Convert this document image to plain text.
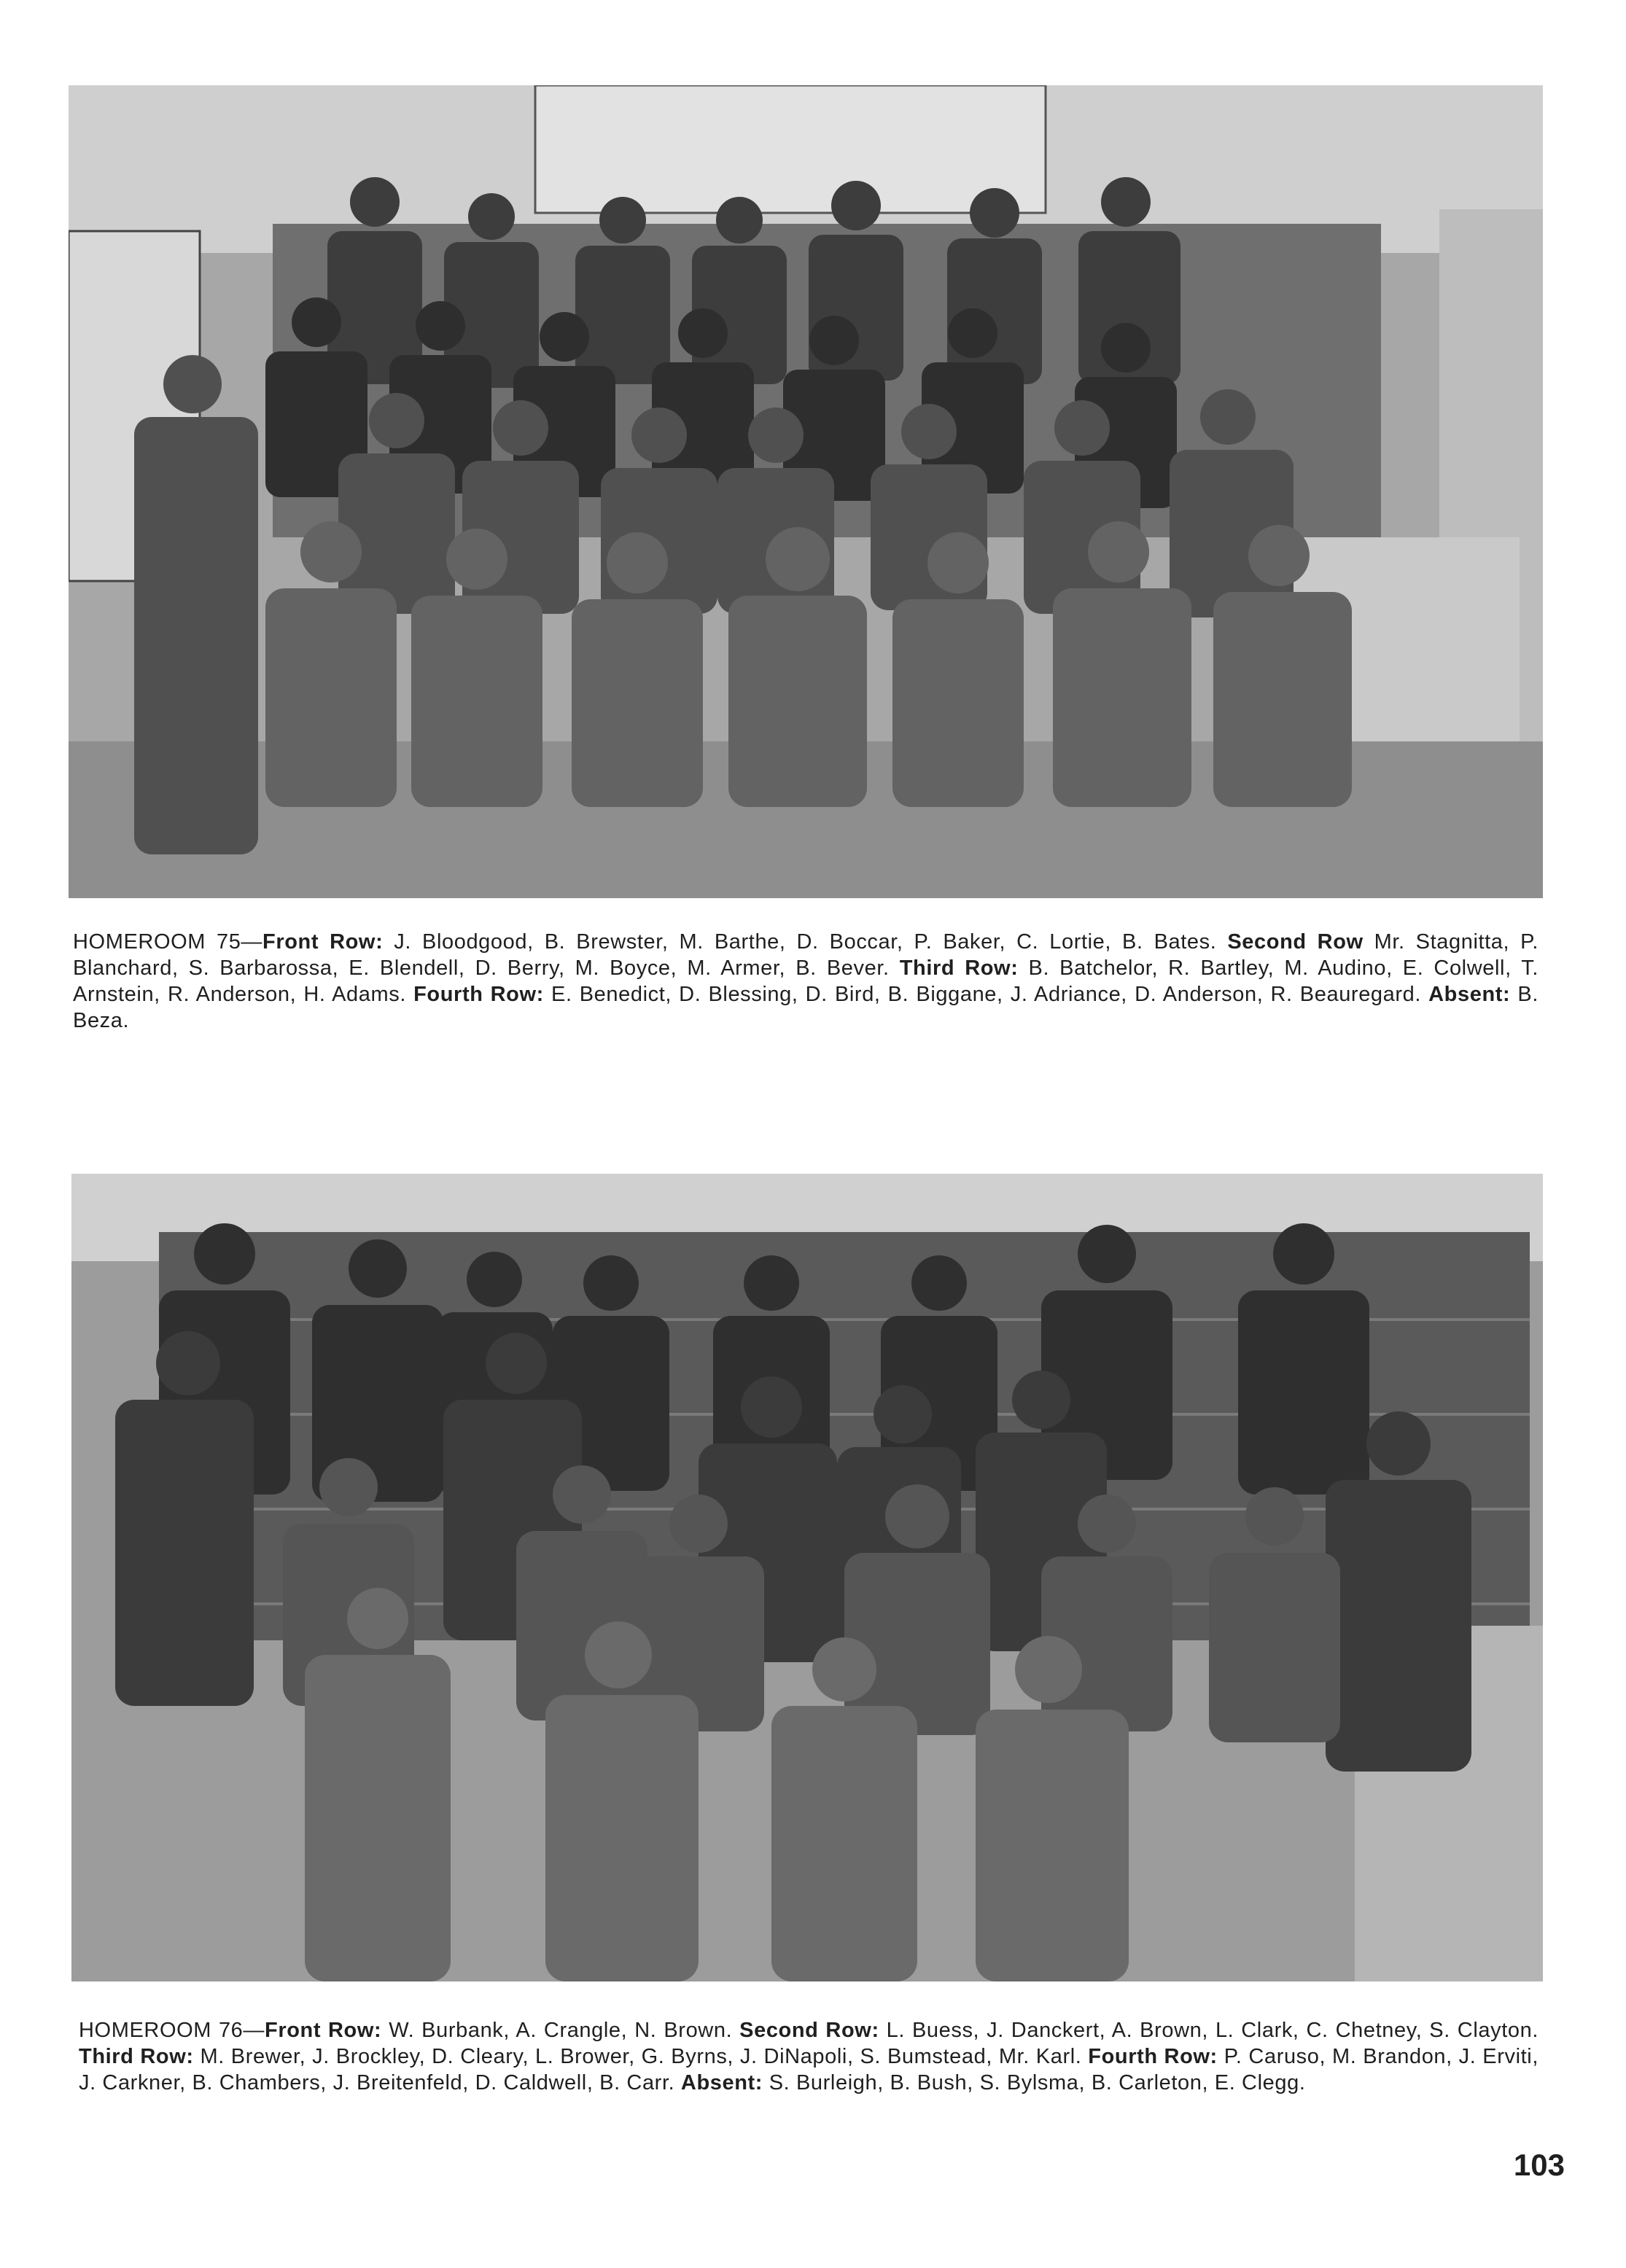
HOMEROOM 75—Front Row: J. Bloodgood, B. Brewster, M. Barthe, D. Boccar, P. Baker, C. Lortie, B. Bates. Second Row Mr. Stagnitta, P. Blanchard, S. Barbarossa, E. Blendell, D. Berry, M. Boyce, M. Armer, B. Bever. Third Row: B. Batchelor, R. Bartley, M. Audino, E. Colwell, T. Arnstein, R. Anderson, H. Adams. Fourth Row: E. Benedict, D. Blessing, D. Bird, B. Biggane, J. Adriance, D. Anderson, R. Beauregard. Absent: B. Beza.
HOMEROOM 76—Front Row: W. Burbank, A. Crangle, N. Brown. Second Row: L. Buess, J. Danckert, A. Brown, L. Clark, C. Chetney, S. Clayton. Third Row: M. Brewer, J. Brockley, D. Cleary, L. Brower, G. Byrns, J. DiNapoli, S. Bumstead, Mr. Karl. Fourth Row: P. Caruso, M. Brandon, J. Erviti, J. Carkner, B. Chambers, J. Breitenfeld, D. Caldwell, B. Carr. Absent: S. Burleigh, B. Bush, S. Bylsma, B. Carleton, E. Clegg.
103
